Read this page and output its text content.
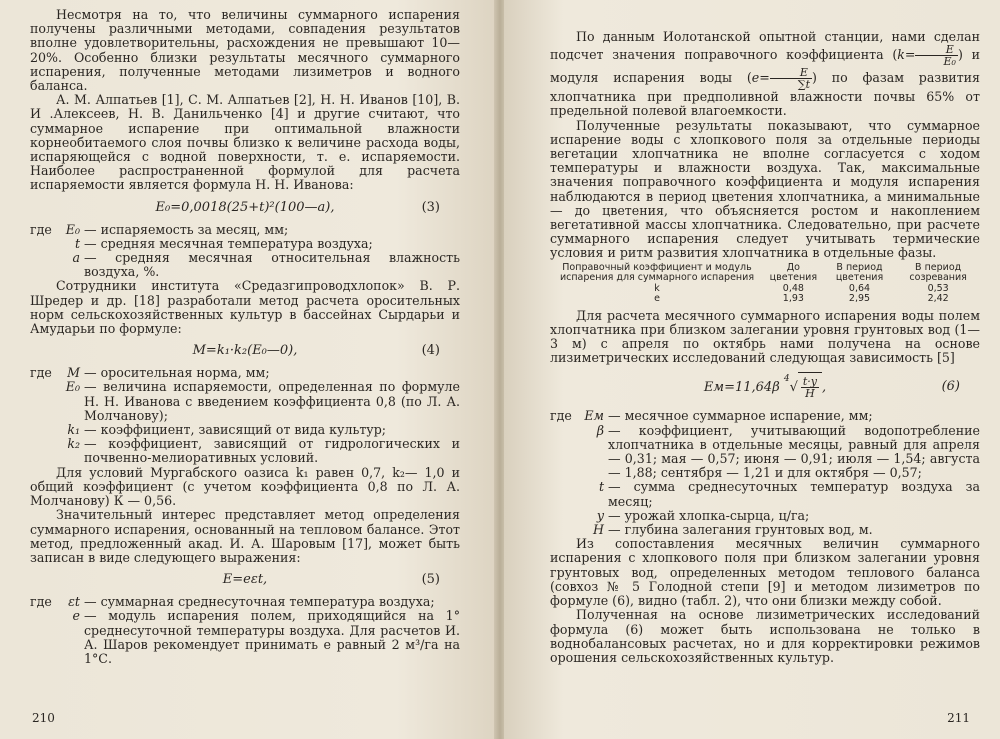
Несмотря на то, что величины суммарного испарения получены различными методами, совпадения результатов вполне удовлетворительны, расхождения не превышают 10—20%. Особенно близки результаты месячного суммарного испарения, полученные методами лизиметров и водного баланса.

А. М. Алпатьев [1], С. М. Алпатьев [2], Н. Н. Иванов [10], В. И .Алексеев, Н. В. Данильченко [4] и другие считают, что суммарное испарение при оптимальной влажности корнеобитаемого слоя почвы близко к величине расхода воды, испаряющейся с водной поверхности, т. е. испаряемости. Наиболее распространенной формулой для расчета испаряемости является формула Н. Н. Иванова:

E₀=0,0018(25+t)²(100—a),	(3)
где	E₀ — испаряемость за месяц, мм;
t — средняя месячная температура воздуха;
a — средняя месячная относительная влажность воздуха, %.

Сотрудники института «Средазгипроводхлопок» В. Р. Шредер и др. [18] разработали метод расчета оросительных норм сельскохозяйственных культур в бассейнах Сырдарьи и Амударьи по формуле:

M=k₁·k₂(E₀—0),	(4)
где	M — оросительная норма, мм;
E₀ — величина испаряемости, определенная по формуле Н. Н. Иванова с введением коэффициента 0,8 (по Л. А. Молчанову);
k₁ — коэффициент, зависящий от вида культур;
k₂ — коэффициент, зависящий от гидрологических и почвенно-мелиоративных условий.

Для условий Мургабского оазиса k₁ равен 0,7, k₂— 1,0 и общий коэффициент (с учетом коэффициента 0,8 по Л. А. Молчанову) К — 0,56.

Значительный интерес представляет метод определения суммарного испарения, основанный на тепловом балансе. Этот метод, предложенный акад. И. А. Шаровым [17], может быть записан в виде следующего выражения:

E=eεt,	(5)
где	εt — суммарная среднесуточная температура воздуха;
e — модуль испарения полем, приходящийся на 1° среднесуточной температуры воздуха. Для расчетов И. А. Шаров рекомендует принимать e равный 2 м³/га на 1°С.
210

По данным Иолотанской опытной станции, нами сделан подсчет значения поправочного коэффициента ($k= \frac{E}{\text{E₀}}$ ) и модуля испарения воды ($e= \frac{E}{\sum t}$ ) по фазам развития хлопчатника при предполивной влажности почвы 65% от предельной полевой влагоемкости.

Полученные результаты показывают, что суммарное испарение воды с хлопкового поля за отдельные периоды вегетации хлопчатника не вполне согласуется с ходом температуры и влажности воздуха. Так, максимальные значения поправочного коэффициента и модуля испарения наблюдаются в период цветения хлопчатника, а минимальные — до цветения, что объясняется ростом и накоплением вегетативной массы хлопчатника. Следовательно, при расчете суммарного испарения следует учитывать термические условия и ритм развития хлопчатника в отдельные фазы.

Поправочный коэффициент и модуль испарения для суммарного испарения	До цветения	В период цветения	В период созревания
k	0,48	0,64	0,53
e	1,93	2,95	2,42

Для расчета месячного суммарного испарения воды полем хлопчатника при близком залегании уровня грунтовых вод (1—3 м) с апреля по октябрь нами получена на основе лизиметрических исследований следующая зависимость [5]

Eм=11,64β $^4√ \frac{t\cdot y}{H}$ ,	(6)
где Eм — месячное суммарное испарение, мм;
β — коэффициент, учитывающий водопотребление хлопчатника в отдельные месяцы, равный для апреля — 0,31; мая — 0,57; июня — 0,91; июля — 1,54; августа — 1,88; сентября — 1,21 и для октября — 0,57;
t — сумма среднесуточных температур воздуха за месяц;
y — урожай хлопка-сырца, ц/га;
H — глубина залегания грунтовых вод, м.

Из сопоставления месячных величин суммарного испарения с хлопкового поля при близком залегании уровня грунтовых вод, определенных методом теплового баланса (совхоз № 5 Голодной степи [9] и методом лизиметров по формуле (6), видно (табл. 2), что они близки между собой.

Полученная на основе лизиметрических исследований формула (6) может быть использована не только в воднобалансовых расчетах, но и для корректировки режимов орошения сельскохозяйственных культур.

211
